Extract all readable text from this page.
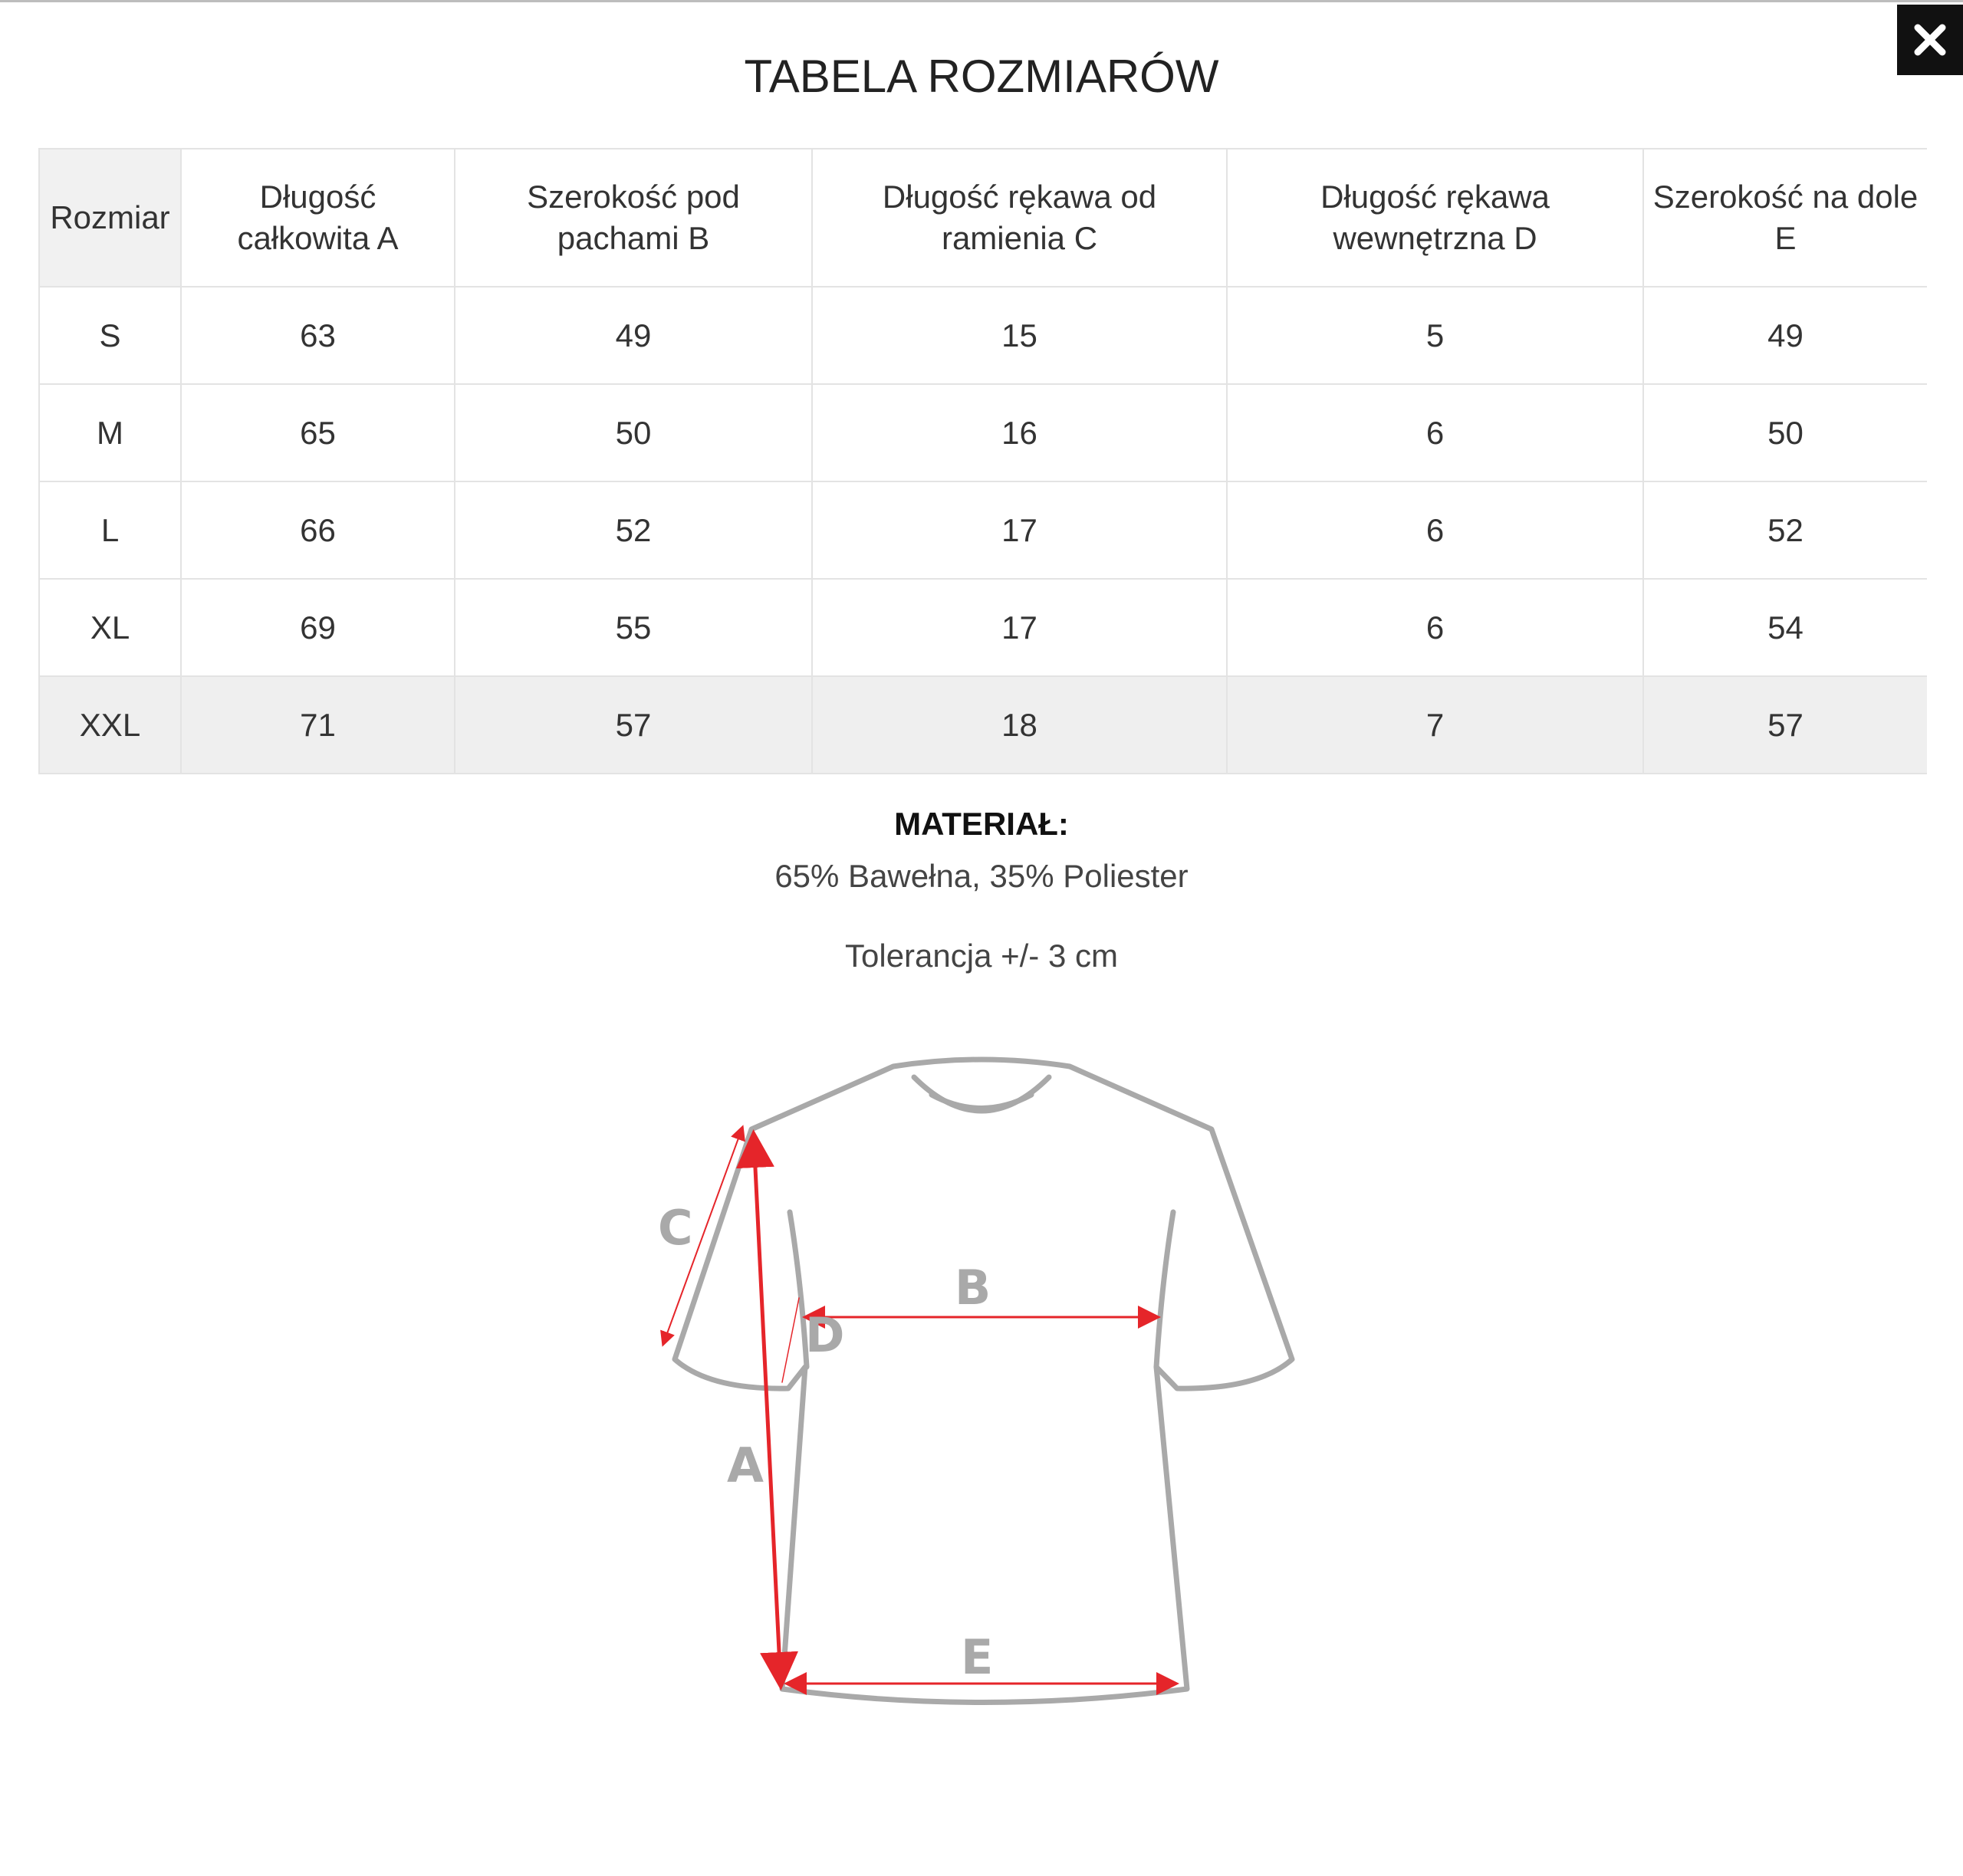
TABELA ROZMIARÓW
Rozmiar	Długość całkowita A	Szerokość pod pachami B	Długość rękawa od ramienia C	Długość rękawa wewnętrzna D	Szerokość na dole E
S	63	49	15	5	49
M	65	50	16	6	50
L	66	52	17	6	52
XL	69	55	17	6	54
XXL	71	57	18	7	57
MATERIAŁ:
65% Bawełna, 35% Poliester
Tolerancja +/- 3 cm
C
B
D
A
E
